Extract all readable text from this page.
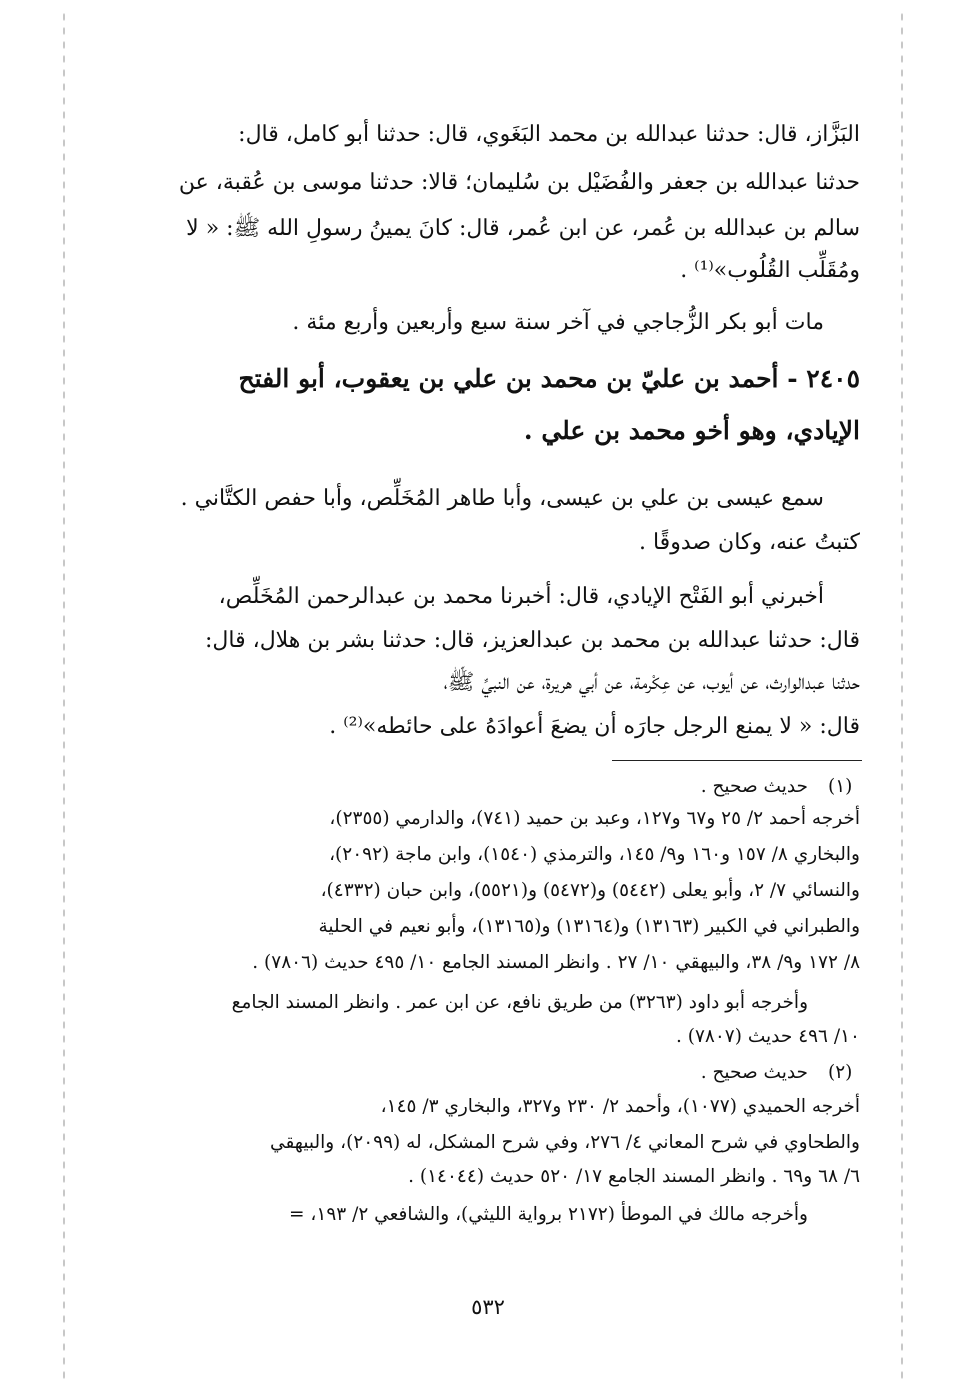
البَزَّاز، قال: حدثنا عبدالله بن محمد البَغَوي، قال: حدثنا أبو كامل، قال:
حدثنا عبدالله بن جعفر والفُضَيْل بن سُليمان؛ قالا: حدثنا موسى بن عُقبة، عن
سالم بن عبدالله بن عُمر، عن ابن عُمر، قال: كانَ يمينُ رسولِ الله ﷺ: « لا
ومُقَلِّب القُلُوب»⁽¹⁾ .
مات أبو بكر الزُّجاجي في آخر سنة سبع وأربعين وأربع مئة .
٢٤٠٥ - أحمد بن عليّ بن محمد بن علي بن يعقوب، أبو الفتح
الإيادي، وهو أخو محمد بن علي .
سمع عيسى بن علي بن عيسى، وأبا طاهر المُخَلِّص، وأبا حفص الكتَّاني .
كتبتُ عنه، وكان صدوقًا .
أخبرني أبو الفَتْح الإيادي، قال: أخبرنا محمد بن عبدالرحمن المُخَلِّص،
قال: حدثنا عبدالله بن محمد بن عبدالعزيز، قال: حدثنا بشر بن هلال، قال:
حدثنا عبدالوارث، عن أيوب، عن عِكْرمة، عن أبي هريرة، عن النبيِّ ﷺ،
قال: « لا يمنع الرجل جارَه أن يضعَ أعوادَهُ على حائطه»⁽²⁾ .
(١)
حديث صحيح .
أخرجه أحمد ٢/ ٢٥ و٦٧ و١٢٧، وعبد بن حميد (٧٤١)، والدارمي (٢٣٥٥)،
والبخاري ٨/ ١٥٧ و١٦٠ و٩/ ١٤٥، والترمذي (١٥٤٠)، وابن ماجة (٢٠٩٢)،
والنسائي ٧/ ٢، وأبو يعلى (٥٤٤٢) و(٥٤٧٢) و(٥٥٢١)، وابن حبان (٤٣٣٢)،
والطبراني في الكبير (١٣١٦٣) و(١٣١٦٤) و(١٣١٦٥)، وأبو نعيم في الحلية
٨/ ١٧٢ و٩/ ٣٨، والبيهقي ١٠/ ٢٧ . وانظر المسند الجامع ١٠/ ٤٩٥ حديث (٧٨٠٦) .
وأخرجه أبو داود (٣٢٦٣) من طريق نافع، عن ابن عمر . وانظر المسند الجامع
١٠/ ٤٩٦ حديث (٧٨٠٧) .
(٢)
حديث صحيح .
أخرجه الحميدي (١٠٧٧)، وأحمد ٢/ ٢٣٠ و٣٢٧، والبخاري ٣/ ١٤٥،
والطحاوي في شرح المعاني ٤/ ٢٧٦، وفي شرح المشكل، له (٢٠٩٩)، والبيهقي
٦/ ٦٨ و٦٩ . وانظر المسند الجامع ١٧/ ٥٢٠ حديث (١٤٠٤٤) .
وأخرجه مالك في الموطأ (٢١٧٢ برواية الليثي)، والشافعي ٢/ ١٩٣، =
٥٣٢
